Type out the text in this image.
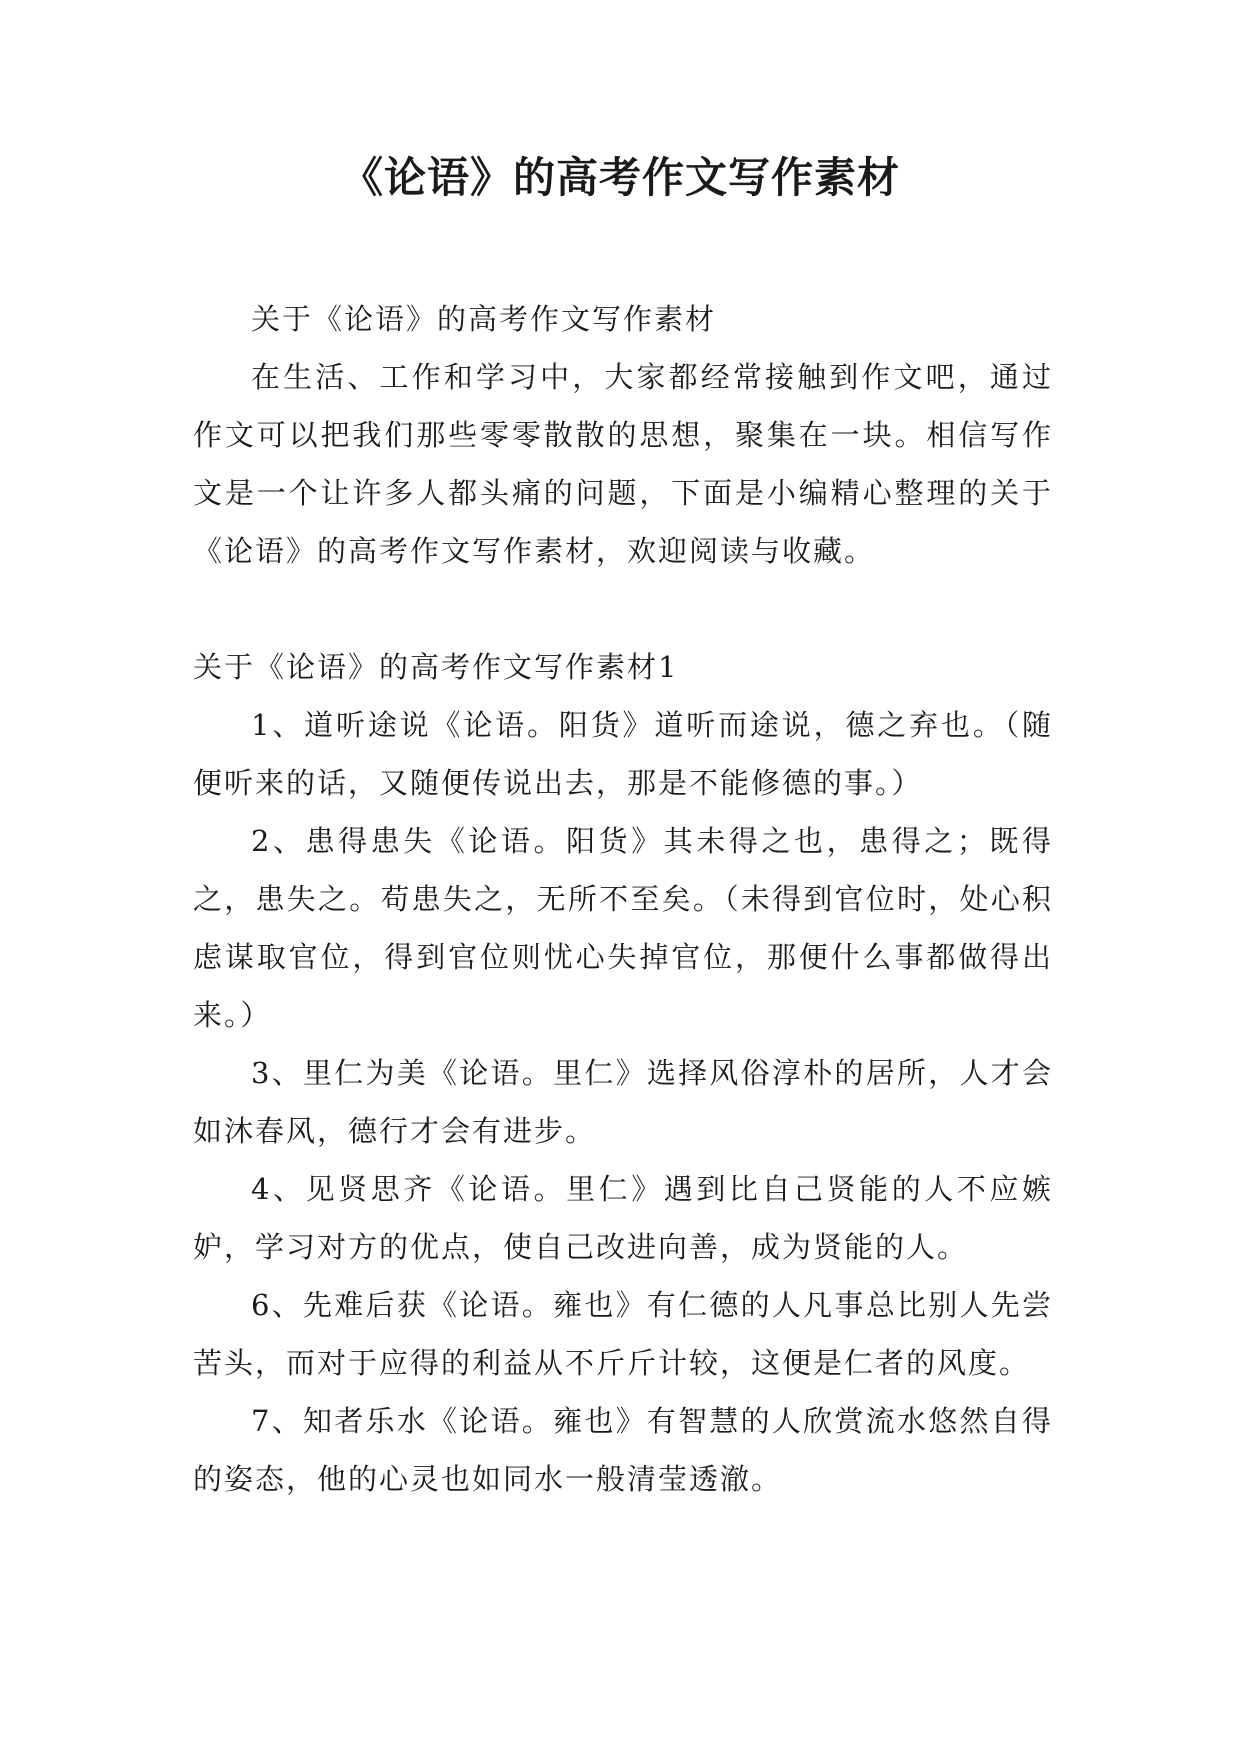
《论语》的高考作文写作素材

关于《论语》的高考作文写作素材

在生活、工作和学习中，大家都经常接触到作文吧，通过作文可以把我们那些零零散散的思想，聚集在一块。相信写作文是一个让许多人都头痛的问题，下面是小编精心整理的关于《论语》的高考作文写作素材，欢迎阅读与收藏。

关于《论语》的高考作文写作素材1

1、道听途说《论语。阳货》道听而途说，德之弃也。（随便听来的话，又随便传说出去，那是不能修德的事。）

2、患得患失《论语。阳货》其未得之也，患得之；既得之，患失之。苟患失之，无所不至矣。（未得到官位时，处心积虑谋取官位，得到官位则忧心失掉官位，那便什么事都做得出来。）

3、里仁为美《论语。里仁》选择风俗淳朴的居所，人才会如沐春风，德行才会有进步。

4、见贤思齐《论语。里仁》遇到比自己贤能的人不应嫉妒，学习对方的优点，使自己改进向善，成为贤能的人。

6、先难后获《论语。雍也》有仁德的人凡事总比别人先尝苦头，而对于应得的利益从不斤斤计较，这便是仁者的风度。

7、知者乐水《论语。雍也》有智慧的人欣赏流水悠然自得的姿态，他的心灵也如同水一般清莹透澈。
